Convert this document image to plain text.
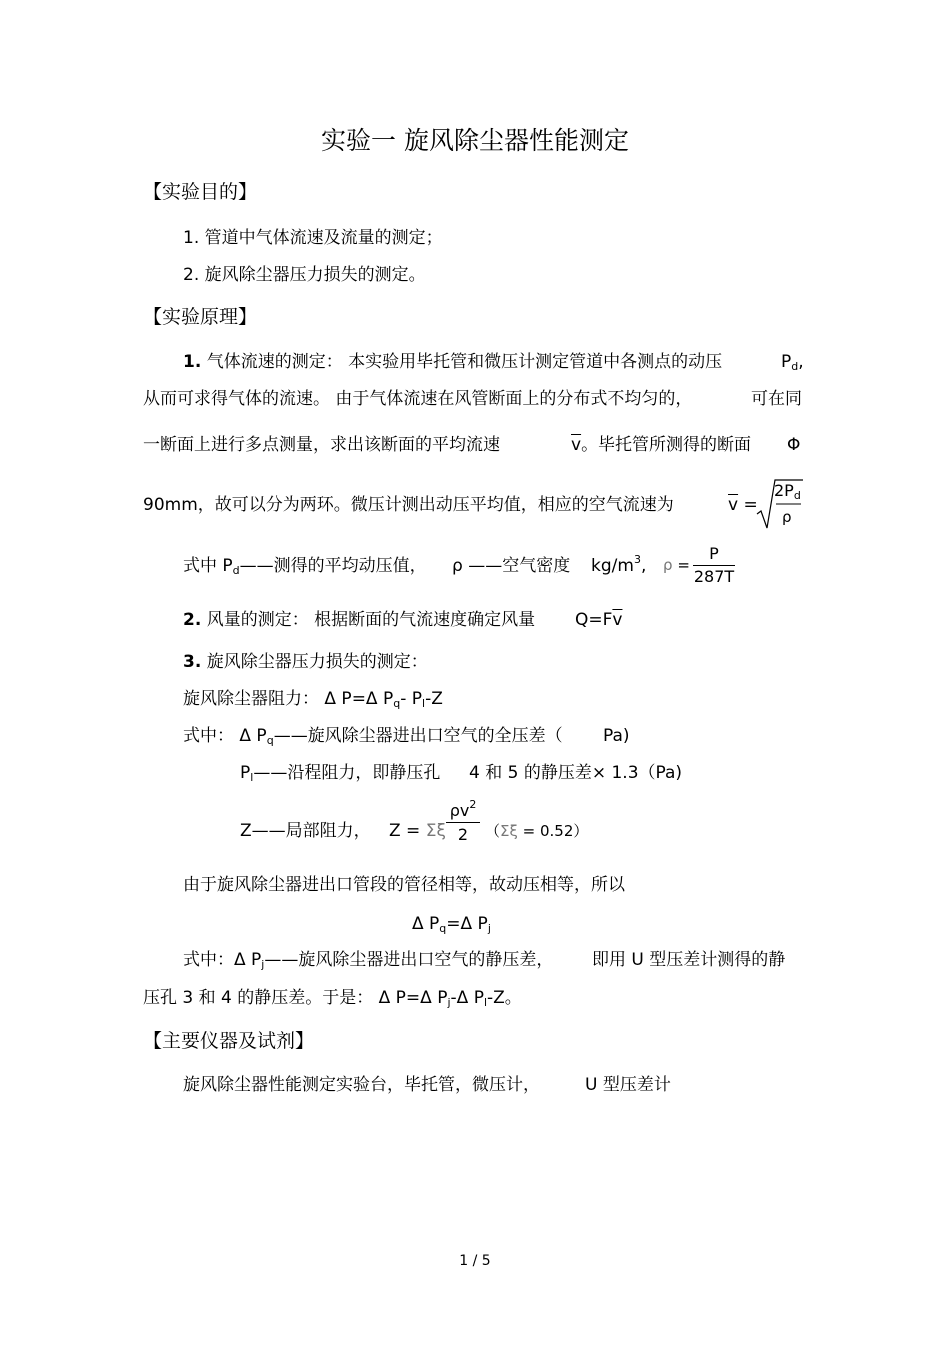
实验一 旋风除尘器性能测定
【实验目的】
1. 管道中气体流速及流量的测定；
2. 旋风除尘器压力损失的测定。
【实验原理】
1. 气体流速的测定： 本实验用毕托管和微压计测定管道中各测点的动压	$P_d$,
从而可求得气体的流速。 由于气体流速在风管断面上的分布式不均匀的，	可在同
一断面上进行多点测量，求出该断面的平均流速	$\overline{v}$。毕托管所测得的断面 Φ
90mm，故可以分为两环。微压计测出动压平均值，相应的空气流速为	$\overline{v}$ =
$2P_d$
ρ
式中 $P_d——$测得的平均动压值， ρ ——空气密度 $kg/m^3$, $\rho = \frac{P}{287T}$
2. 风量的测定： 根据断面的气流速度确定风量 $Q=F\overline{v}$
3. 旋风除尘器压力损失的测定：
旋风除尘器阻力： Δ P=Δ $P_q-$ $P_l-Z$
式中： Δ $P_q——$旋风除尘器进出口空气的全压差（ Pa)
$P_l——$沿程阻力，即静压孔 4 和 5 的静压差× 1.3（Pa)
Z——局部阻力， Z = Σξ $\frac{\rho v^2}{2} (\Sigma\xi = 0.52)$
由于旋风除尘器进出口管段的管径相等，故动压相等，所以
Δ $P_q=\Delta$ $P_j$
式中：Δ $P_j——$旋风除尘器进出口空气的静压差， 即用 U 型压差计测得的静
压孔 3 和 4 的静压差。于是： Δ P=Δ $P_j-\Delta$ $P_l-Z$。
【主要仪器及试剂】
旋风除尘器性能测定实验台，毕托管，微压计，	U 型压差计
1 / 5
